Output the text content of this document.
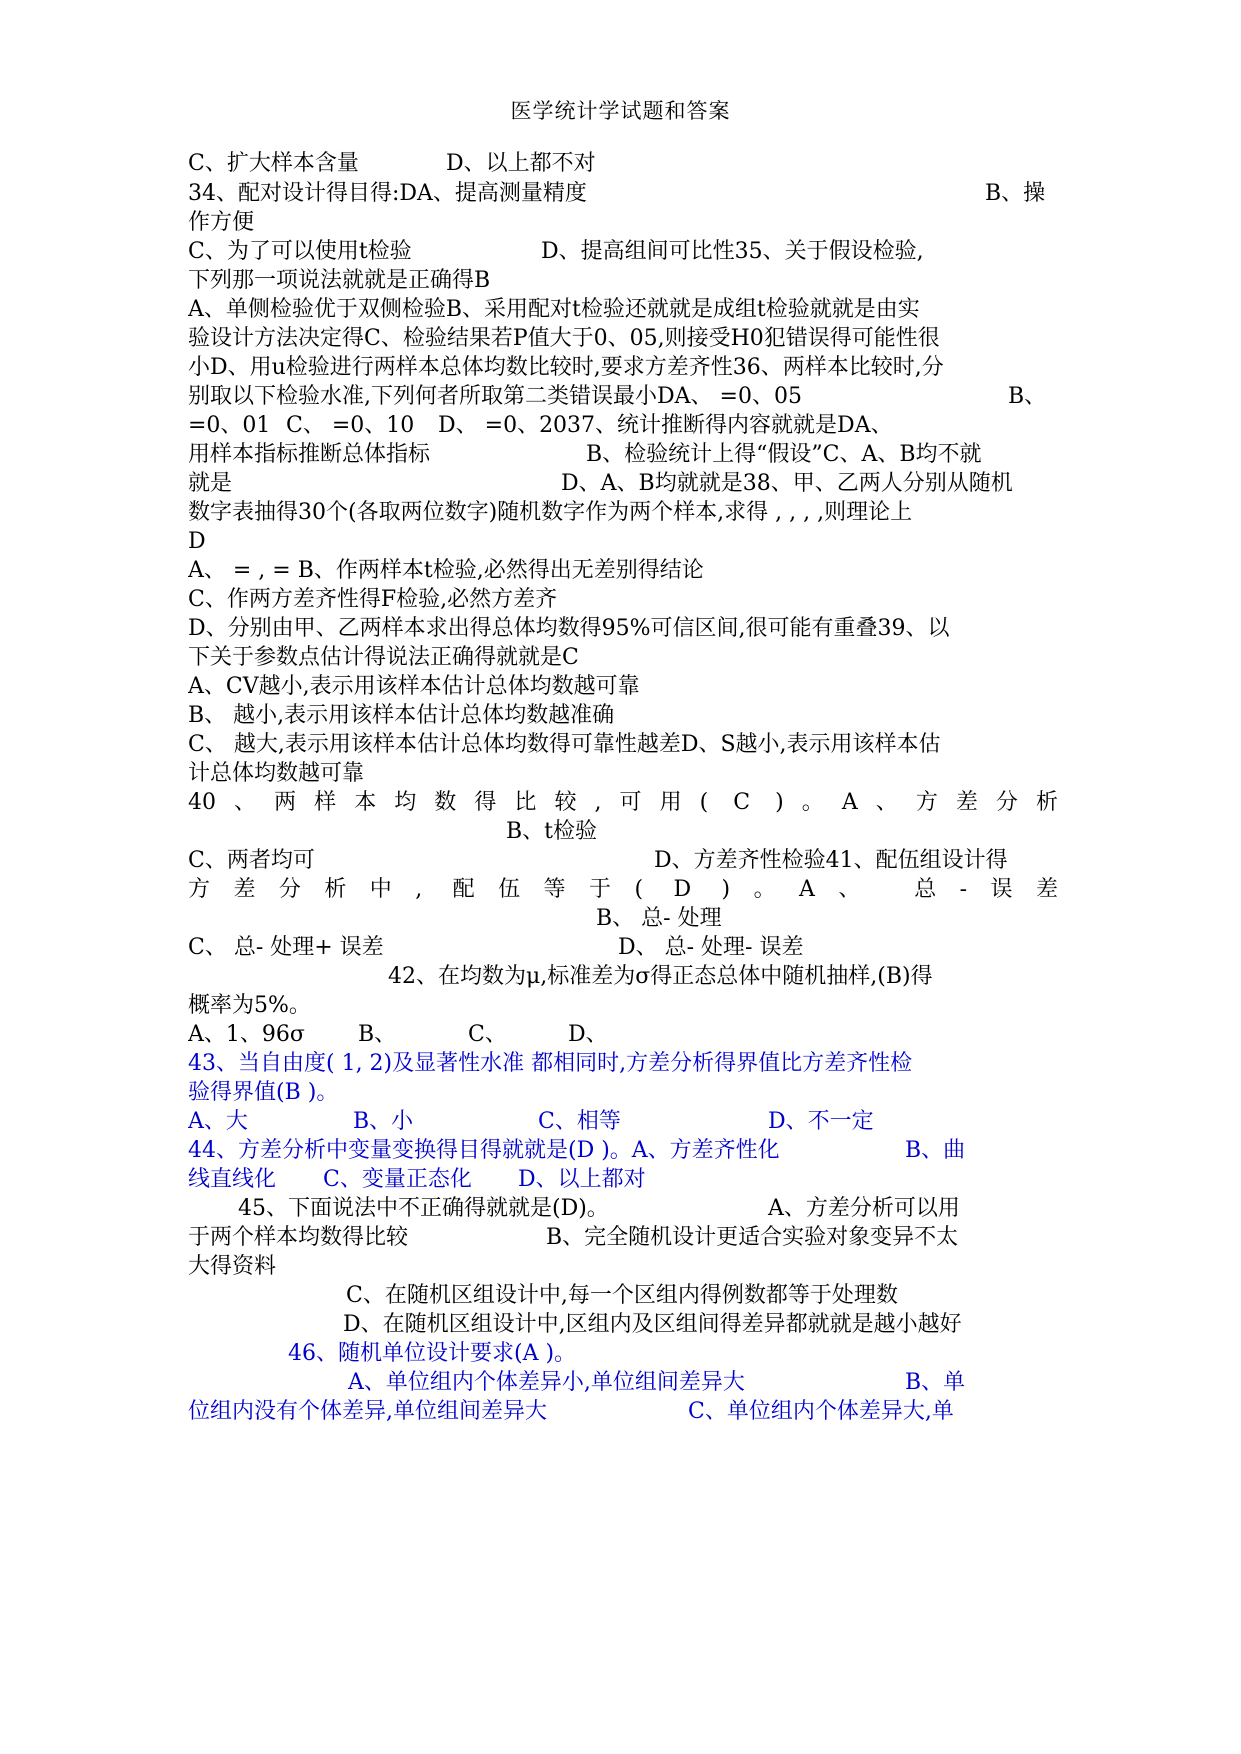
医学统计学试题和答案
C、扩大样本含量	D、以上都不对
34、配对设计得目得:DA、提高测量精度	B、操
作方便
C、为了可以使用t检验	D、提高组间可比性35、关于假设检验,
下列那一项说法就就是正确得B
A、单侧检验优于双侧检验B、采用配对t检验还就就是成组t检验就就是由实
验设计方法决定得C、检验结果若P值大于0、05,则接受H0犯错误得可能性很
小D、用u检验进行两样本总体均数比较时,要求方差齐性36、两样本比较时,分
别取以下检验水准,下列何者所取第二类错误最小DA、 =0、05	B、
=0、01 C、 =0、10 D、 =0、2037、统计推断得内容就就是DA、
用样本指标推断总体指标	B、检验统计上得“假设”C、A、B均不就
就是	D、A、B均就就是38、甲、乙两人分别从随机
数字表抽得30个(各取两位数字)随机数字作为两个样本,求得 , , , ,则理论上
D
A、 = , = B、作两样本t检验,必然得出无差别得结论
C、作两方差齐性得F检验,必然方差齐
D、分别由甲、乙两样本求出得总体均数得95%可信区间,很可能有重叠39、以
下关于参数点估计得说法正确得就就是C
A、CV越小,表示用该样本估计总体均数越可靠
B、 越小,表示用该样本估计总体均数越准确
C、 越大,表示用该样本估计总体均数得可靠性越差D、S越小,表示用该样本估
计总体均数越可靠
40、两样本均数得比较,可用( C )。A、方差分析
B、t检验
C、两者均可	D、方差齐性检验41、配伍组设计得
方差分析中, 配伍等于( D )。A、 总-误差
B、 总- 处理
C、 总- 处理+ 误差	D、 总- 处理- 误差
42、在均数为μ,标准差为σ得正态总体中随机抽样,(B)得
概率为5%。
A、1、96σ B、	C、	D、
43、当自由度( 1, 2)及显著性水准 都相同时,方差分析得界值比方差齐性检
验得界值(B )。
A、大	B、小	C、相等	D、不一定
44、方差分析中变量变换得目得就就是(D )。A、方差齐性化	B、曲
线直线化 C、变量正态化 D、以上都对
45、下面说法中不正确得就就是(D)。	A、方差分析可以用
于两个样本均数得比较	B、完全随机设计更适合实验对象变异不太
大得资料
C、在随机区组设计中,每一个区组内得例数都等于处理数
D、在随机区组设计中,区组内及区组间得差异都就就是越小越好
46、随机单位设计要求(A )。
A、单位组内个体差异小,单位组间差异大	B、单
位组内没有个体差异,单位组间差异大	C、单位组内个体差异大,单
